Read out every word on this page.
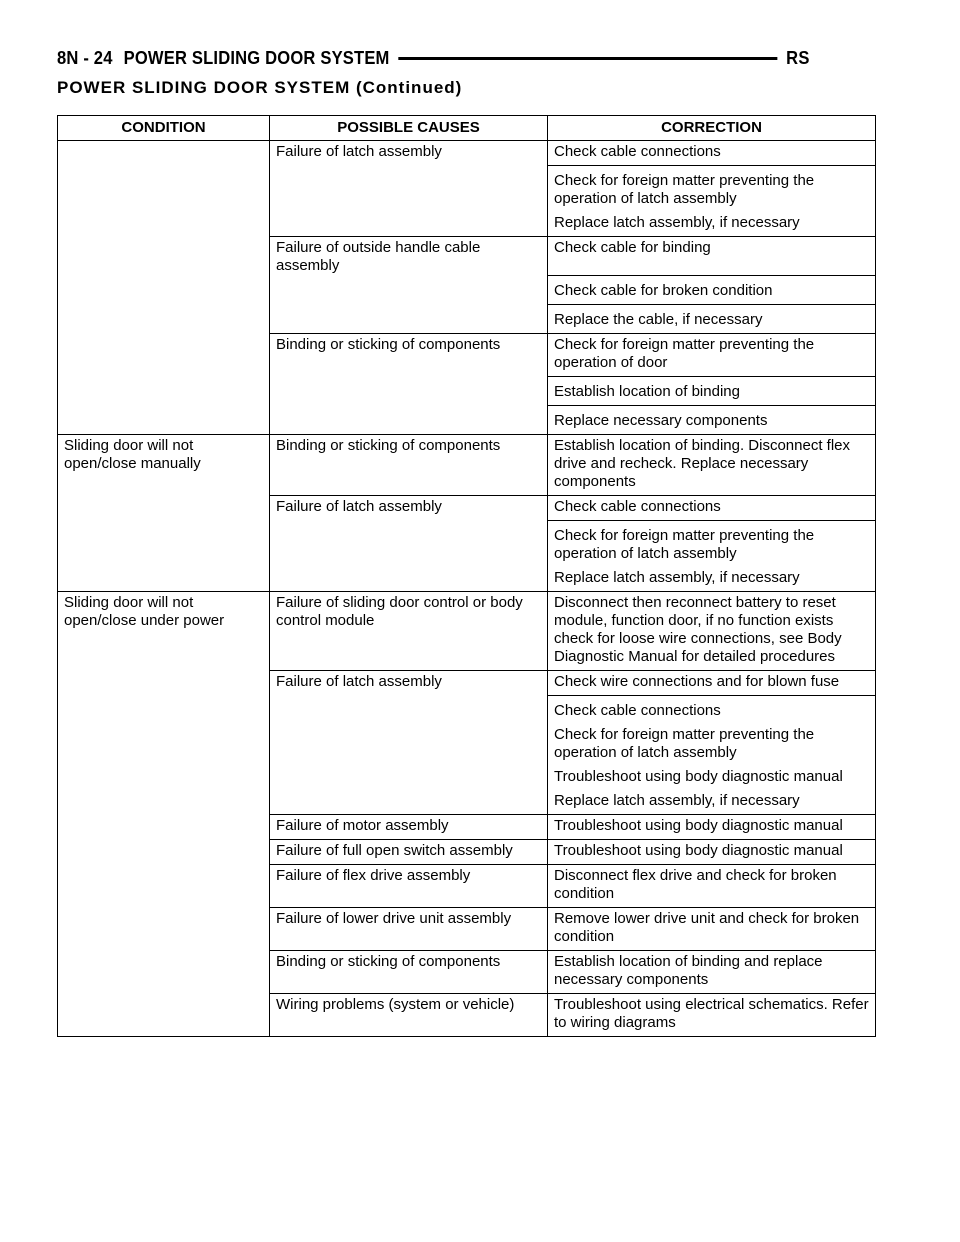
8N - 24 POWER SLIDING DOOR SYSTEM	RS
POWER SLIDING DOOR SYSTEM (Continued)
CONDITION	POSSIBLE CAUSES	CORRECTION

	Failure of latch assembly	Check cable connections
Check for foreign matter preventing the operation of latch assembly
Replace latch assembly, if necessary

	Failure of outside handle cable assembly	Check cable for binding
Check cable for broken condition
Replace the cable, if necessary

	Binding or sticking of components	Check for foreign matter preventing the operation of door
Establish location of binding
Replace necessary components

Sliding door will not open/close manually	Binding or sticking of components	Establish location of binding. Disconnect flex drive and recheck. Replace necessary components

	Failure of latch assembly	Check cable connections
Check for foreign matter preventing the operation of latch assembly
Replace latch assembly, if necessary

Sliding door will not open/close under power	Failure of sliding door control or body control module	Disconnect then reconnect battery to reset module, function door, if no function exists check for loose wire connections, see Body Diagnostic Manual for detailed procedures

	Failure of latch assembly	Check wire connections and for blown fuse
Check cable connections
Check for foreign matter preventing the operation of latch assembly
Troubleshoot using body diagnostic manual
Replace latch assembly, if necessary

	Failure of motor assembly	Troubleshoot using body diagnostic manual

	Failure of full open switch assembly	Troubleshoot using body diagnostic manual

	Failure of flex drive assembly	Disconnect flex drive and check for broken condition

	Failure of lower drive unit assembly	Remove lower drive unit and check for broken condition

	Binding or sticking of components	Establish location of binding and replace necessary components

	Wiring problems (system or vehicle)	Troubleshoot using electrical schematics. Refer to wiring diagrams
